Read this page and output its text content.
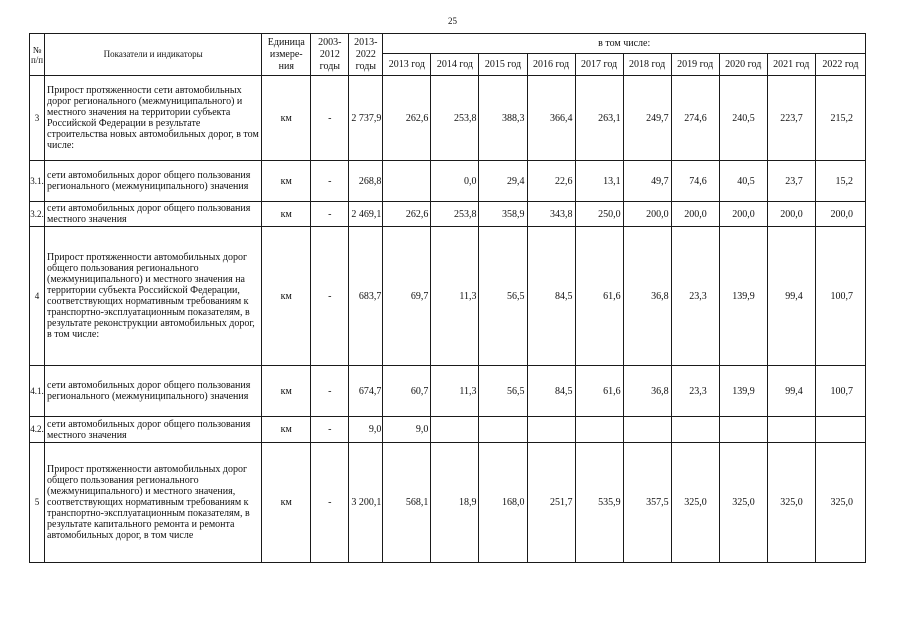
25
№ п/п	Показатели и индикаторы	Единица измере- ния	2003- 2012 годы	2013- 2022 годы	в том числе:									
					2013 год	2014 год	2015 год	2016 год	2017 год	2018 год	2019 год	2020 год	2021 год	2022 год
3	Прирост протяженности сети автомобильных дорог регионального (межмуниципального) и местного значения на территории субъекта Российской Федерации в результате строительства новых автомобильных дорог, в том числе:	км	-	2 737,9	262,6	253,8	388,3	366,4	263,1	249,7	274,6	240,5	223,7	215,2
3.1.	сети автомобильных дорог общего пользования регионального (межмуниципального) значения	км	-	268,8		0,0	29,4	22,6	13,1	49,7	74,6	40,5	23,7	15,2
3.2.	сети автомобильных дорог общего пользования местного значения	км	-	2 469,1	262,6	253,8	358,9	343,8	250,0	200,0	200,0	200,0	200,0	200,0
4	Прирост протяженности автомобильных дорог общего пользования регионального (межмуниципального) и местного значения на территории субъекта Российской Федерации, соответствующих нормативным требованиям к транспортно-эксплуатационным показателям, в результате реконструкции автомобильных дорог, в том числе:	км	-	683,7	69,7	11,3	56,5	84,5	61,6	36,8	23,3	139,9	99,4	100,7
4.1.	сети автомобильных дорог общего пользования регионального (межмуниципального) значения	км	-	674,7	60,7	11,3	56,5	84,5	61,6	36,8	23,3	139,9	99,4	100,7
4.2.	сети автомобильных дорог общего пользования местного значения	км	-	9,0	9,0									
5	Прирост протяженности автомобильных дорог общего пользования регионального (межмуниципального) и местного значения, соответствующих нормативным требованиям к транспортно-эксплуатационным показателям, в результате капитального ремонта и ремонта автомобильных дорог, в том числе	км	-	3 200,1	568,1	18,9	168,0	251,7	535,9	357,5	325,0	325,0	325,0	325,0
